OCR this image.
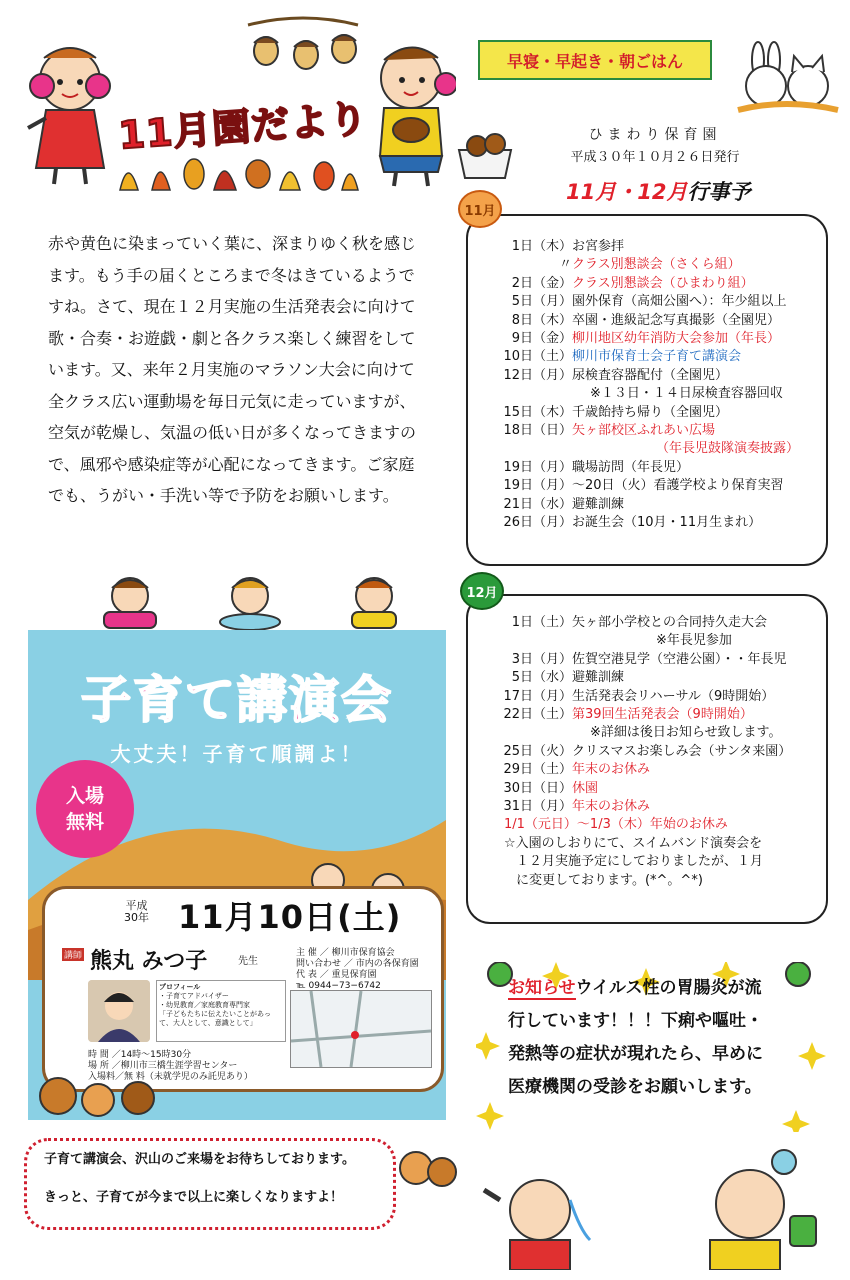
11月園だより
早寝・早起き・朝ごはん
ひまわり保育園
平成３０年１０月２６日発行
11月・12月行事予
赤や黄色に染まっていく葉に、深まりゆく秋を感じ
ます。もう手の届くところまで冬はきているようで
すね。さて、現在１２月実施の生活発表会に向けて
歌・合奏・お遊戯・劇と各クラス楽しく練習をして
います。又、来年２月実施のマラソン大会に向けて
全クラス広い運動場を毎日元気に走っていますが、
空気が乾燥し、気温の低い日が多くなってきますの
で、風邪や感染症等が心配になってきます。ご家庭
でも、うがい・手洗い等で予防をお願いします。
11月
1日（木）お宮参拝
〃クラス別懇談会（さくら組）
2日（金）クラス別懇談会（ひまわり組）
5日（月）園外保育（高畑公園へ）：年少組以上
8日（木）卒園・進級記念写真撮影（全園児）
9日（金）柳川地区幼年消防大会参加（年長）
10日（土）柳川市保育士会子育て講演会
12日（月）尿検査容器配付（全園児）
※１３日・１４日尿検査容器回収
15日（木）千歳飴持ち帰り（全園児）
18日（日）矢ヶ部校区ふれあい広場
（年長児鼓隊演奏披露）
19日（月）職場訪問（年長児）
19日（月）～20日（火）看護学校より保育実習
21日（水）避難訓練
26日（月）お誕生会（10月・11月生まれ）
12月
1日（土）矢ヶ部小学校との合同持久走大会
※年長児参加
3日（月）佐賀空港見学（空港公園）・・年長児
5日（水）避難訓練
17日（月）生活発表会リハーサル（9時開始）
22日（土）第39回生活発表会（9時開始）
※詳細は後日お知らせ致します。
25日（火）クリスマスお楽しみ会（サンタ来園）
29日（土）年末のお休み
30日（日）休園
31日（月）年末のお休み
1/1（元日）～1/3（木）年始のお休み
☆入園のしおりにて、スイムバンド演奏会を
１２月実施予定にしておりましたが、１月
に変更しております。(*^。^*)
子育て講演会
大丈夫！子育て順調よ！
入場
無料
平成
30年 11月10日(土)
講師 熊丸 みつ子	先生
プロフィール
・子育てアドバイザー
・幼児教育／家庭教育専門家
「子どもたちに伝えたいことがあって、大人として、意識として」
主 催 ／ 柳川市保育協会
問い合わせ ／ 市内の各保育園
代 表 ／ 重見保育園
℡ 0944−73−6742
時 間 ／14時～15時30分
場 所 ／柳川市三橋生涯学習センター
入場料／無 料（未就学児のみ託児あり）
お知らせウイルス性の胃腸炎が流
行しています！！！下痢や嘔吐・
発熱等の症状が現れたら、早めに
医療機関の受診をお願いします。
子育て講演会、沢山のご来場をお待ちしております。
きっと、子育てが今まで以上に楽しくなりますよ！
